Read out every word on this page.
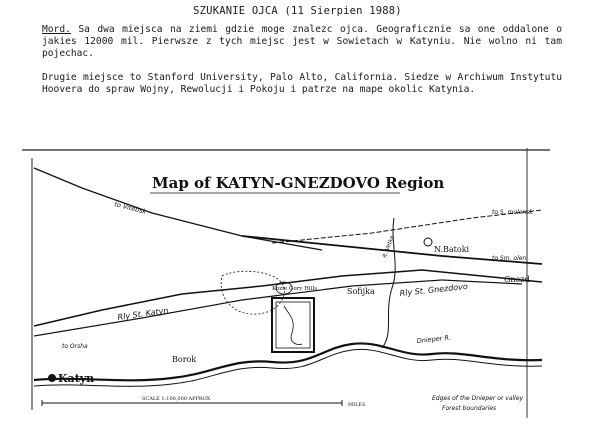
SZUKANIE OJCA (11 Sierpien 1988)

Mord. Sa dwa miejsca na ziemi gdzie moge znalezc ojca. Geograficznie sa one oddalone o jakies 12000 mil. Pierwsze z tych miejsc jest w Sowietach w Katyniu. Nie wolno ni tam pojechac.

Drugie miejsce to Stanford University, Palo Alto, California. Siedze w Archiwum Instytutu Hoovera do spraw Wojny, Rewolucji i Pokoju i patrze na mape okolic Katynia.

Map of KATYN-GNEZDOVO Region
to Vitebsk	to S. molensk
to Sm. olen
N.Batoki
Gnezd
Sofijka
Rly St. Katyn
Rly St. Gnezdovo
Kozie Gory Hills
Borok
Katyn
to Orsha
Dnieper R.
R. Vetka
Edges of the Dnieper or valley
Forest boundaries
SCALE 1:100,000 APPROX
MILES
